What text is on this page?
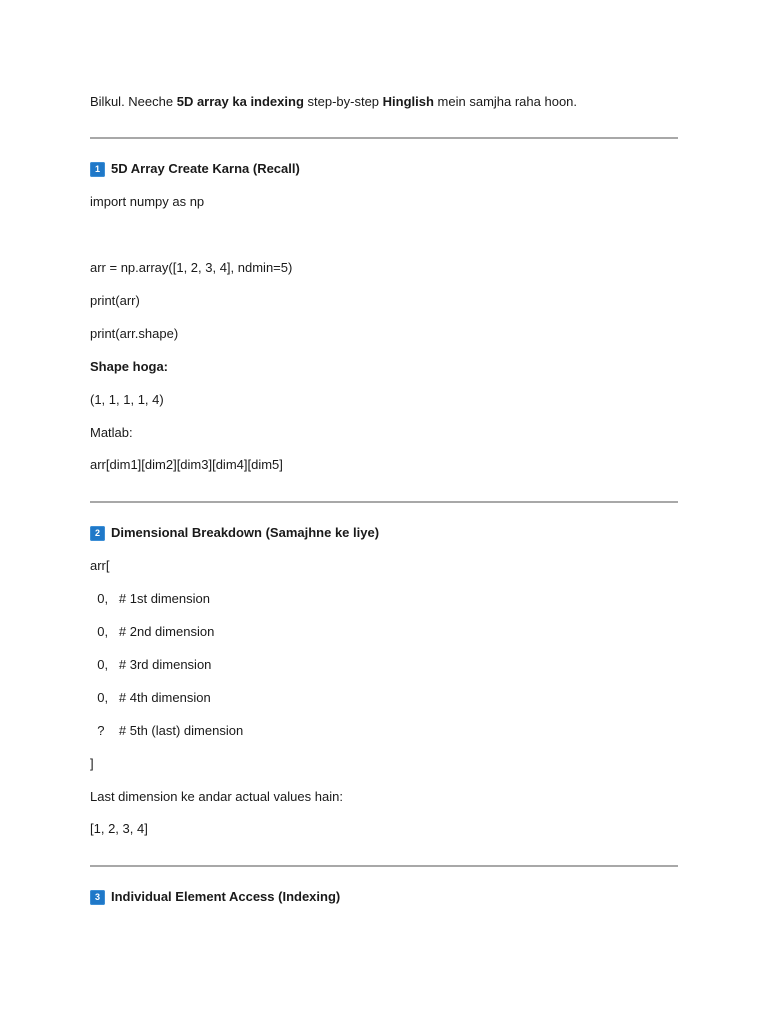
Bilkul. Neeche 5D array ka indexing step-by-step Hinglish mein samjha raha hoon.
1 5D Array Create Karna (Recall)
import numpy as np
arr = np.array([1, 2, 3, 4], ndmin=5)
print(arr)
print(arr.shape)
Shape hoga:
(1, 1, 1, 1, 4)
Matlab:
arr[dim1][dim2][dim3][dim4][dim5]
2 Dimensional Breakdown (Samajhne ke liye)
arr[
0,   # 1st dimension
0,   # 2nd dimension
0,   # 3rd dimension
0,   # 4th dimension
?    # 5th (last) dimension
]
Last dimension ke andar actual values hain:
[1, 2, 3, 4]
3 Individual Element Access (Indexing)
